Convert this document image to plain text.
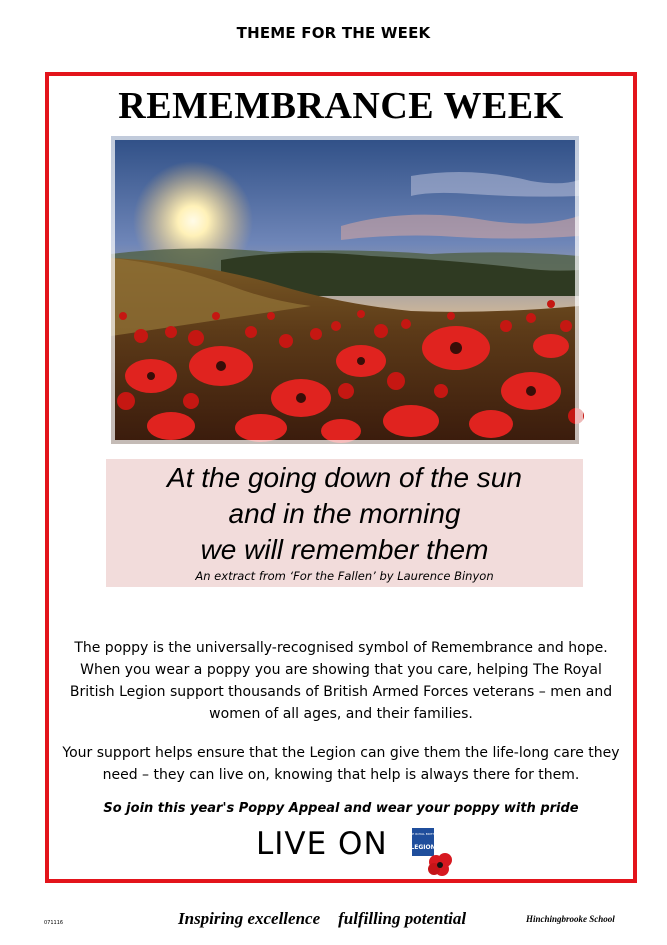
THEME FOR THE WEEK
REMEMBRANCE WEEK
At the going down of the sun
and in the morning
we will remember them
An extract from ‘For the Fallen’ by Laurence Binyon
The poppy is the universally-recognised symbol of Remembrance and hope. When you wear a poppy you are showing that you care, helping The Royal British Legion support thousands of British Armed Forces veterans – men and women of all ages, and their families.
Your support helps ensure that the Legion can give them the life-long care they need – they can live on, knowing that help is always there for them.
So join this year's Poppy Appeal and wear your poppy with pride
LIVE ON	THE ROYAL BRITISH
LEGION
071116	Inspiring excellence fulfilling potential	Hinchingbrooke School
